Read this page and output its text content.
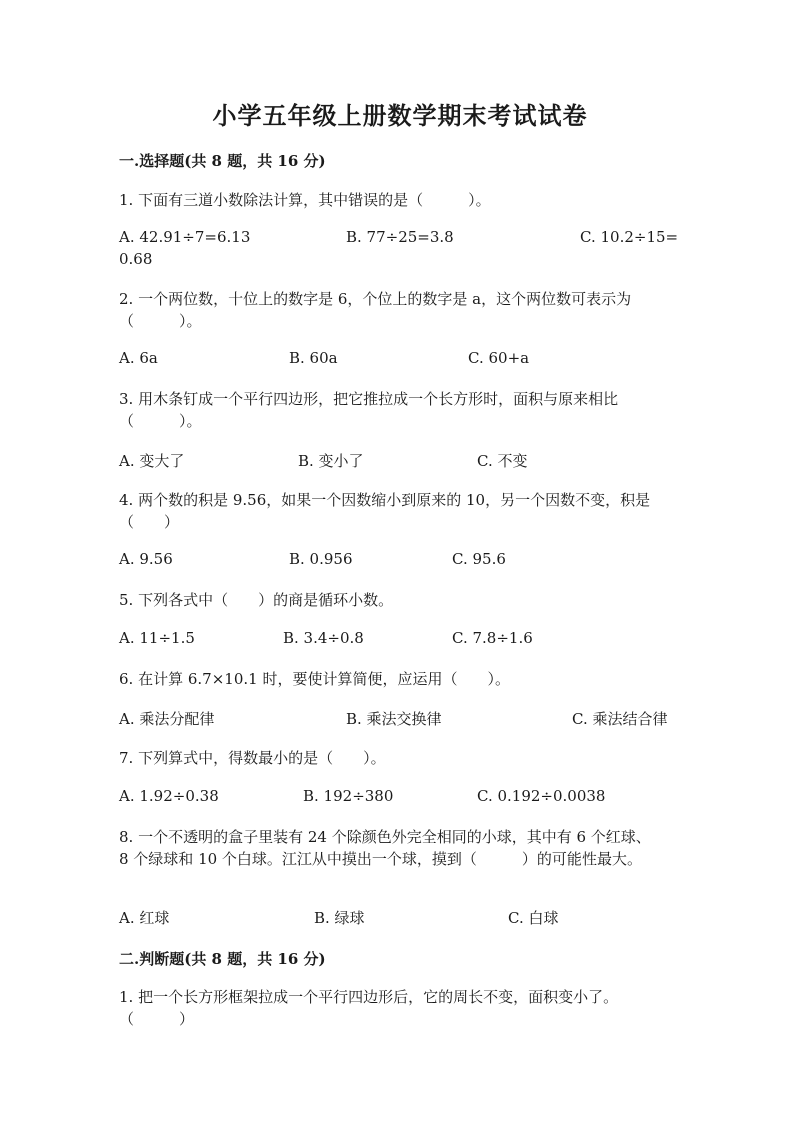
小学五年级上册数学期末考试试卷
一.选择题(共 8 题，共 16 分)
1. 下面有三道小数除法计算，其中错误的是（　　　）。
A. 42.91÷7=6.13	B. 77÷25=3.8	C. 10.2÷15=
0.68
2. 一个两位数，十位上的数字是 6，个位上的数字是 a，这个两位数可表示为
（　　　）。
A. 6a	B. 60a	C. 60+a
3. 用木条钉成一个平行四边形，把它推拉成一个长方形时，面积与原来相比
（　　　）。
A. 变大了	B. 变小了	C. 不变
4. 两个数的积是 9.56，如果一个因数缩小到原来的 10，另一个因数不变，积是
（　　）
A. 9.56	B. 0.956	C. 95.6
5. 下列各式中（　　）的商是循环小数。
A. 11÷1.5	B. 3.4÷0.8	C. 7.8÷1.6
6. 在计算 6.7×10.1 时，要使计算简便，应运用（　　）。
A. 乘法分配律	B. 乘法交换律	C. 乘法结合律
7. 下列算式中，得数最小的是（　　）。
A. 1.92÷0.38	B. 192÷380	C. 0.192÷0.0038
8. 一个不透明的盒子里装有 24 个除颜色外完全相同的小球，其中有 6 个红球、
8 个绿球和 10 个白球。江江从中摸出一个球，摸到（　　　）的可能性最大。
A. 红球	B. 绿球	C. 白球
二.判断题(共 8 题，共 16 分)
1. 把一个长方形框架拉成一个平行四边形后，它的周长不变，面积变小了。
（　　　）
